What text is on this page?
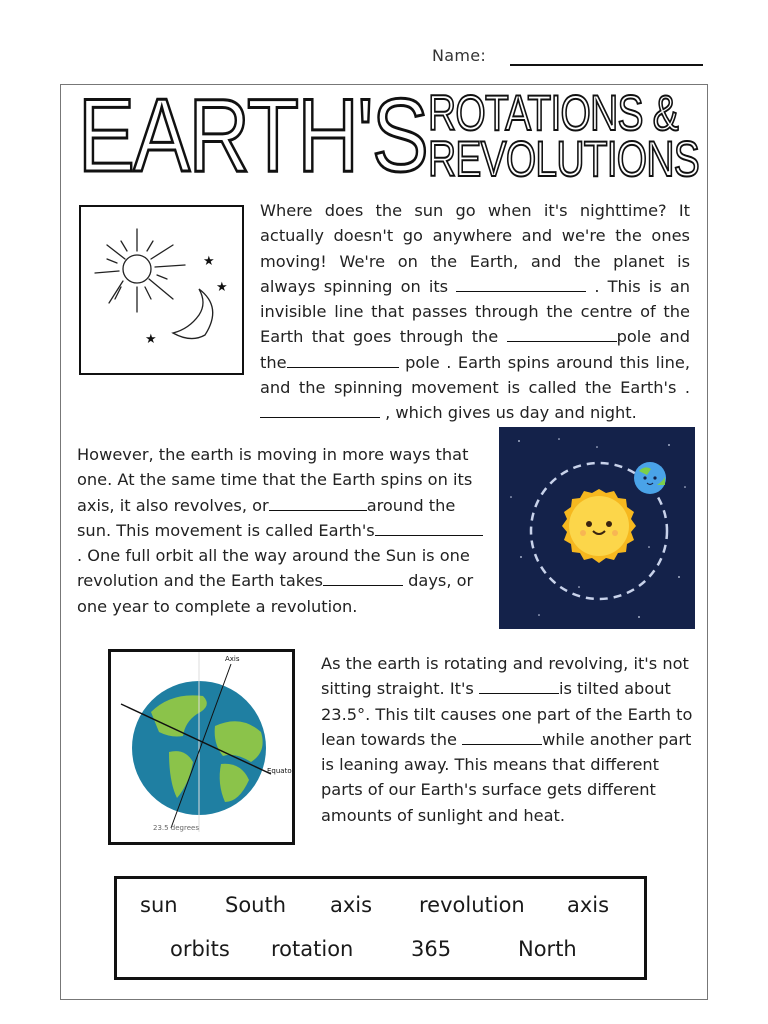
Name:
EARTH'S ROTATIONS &
REVOLUTIONS
★
★
★
Where does the sun go when it's nighttime? It actually doesn't go anywhere and we're the ones moving! We're on the Earth, and the planet is always spinning on its	. This is an invisible line that passes through the centre of the Earth that goes through the	pole and the	pole . Earth spins around this line, and the spinning movement is called the Earth's . , which gives us day and night.
However, the earth is moving in more ways that one. At the same time that the Earth spins on its axis, it also revolves, or	around the sun. This movement is called Earth's. One full orbit all the way around the Sun is one revolution and the Earth takes	days, or one year to complete a revolution.
Axis
Equator
23.5 degrees
As the earth is rotating and revolving, it's not sitting straight. It's	is tilted about 23.5°. This tilt causes one part of the Earth to lean towards the	while another part is leaning away. This means that different parts of our Earth's surface gets different amounts of sunlight and heat.
sun South axis revolution axis
orbits rotation	365	North
